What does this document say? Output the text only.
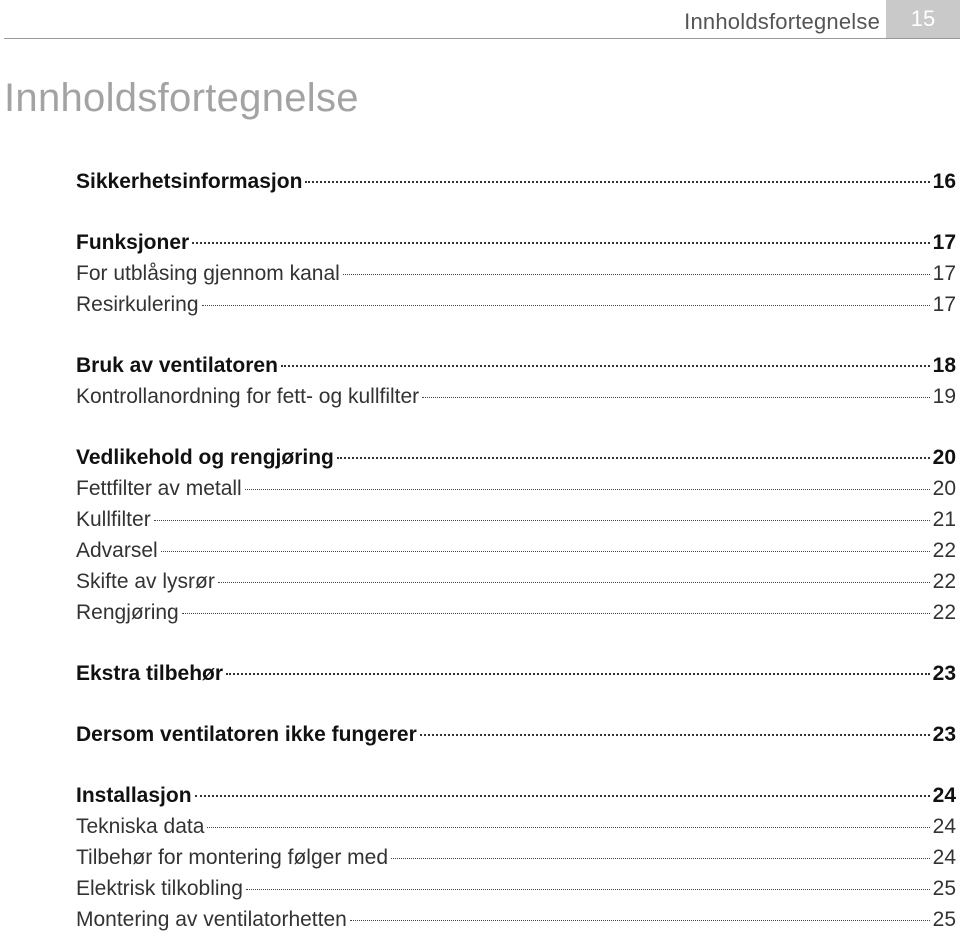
Innholdsfortegnelse	15
Innholdsfortegnelse
Sikkerhetsinformasjon	16
Funksjoner	17
For utblåsing gjennom kanal	17
Resirkulering	17
Bruk av ventilatoren	18
Kontrollanordning for fett- og kullfilter	19
Vedlikehold og rengjøring	20
Fettfilter av metall	20
Kullfilter	21
Advarsel	22
Skifte av lysrør	22
Rengjøring	22
Ekstra tilbehør	23
Dersom ventilatoren ikke fungerer	23
Installasjon	24
Tekniska data	24
Tilbehør for montering følger med	24
Elektrisk tilkobling	25
Montering av ventilatorhetten	25
